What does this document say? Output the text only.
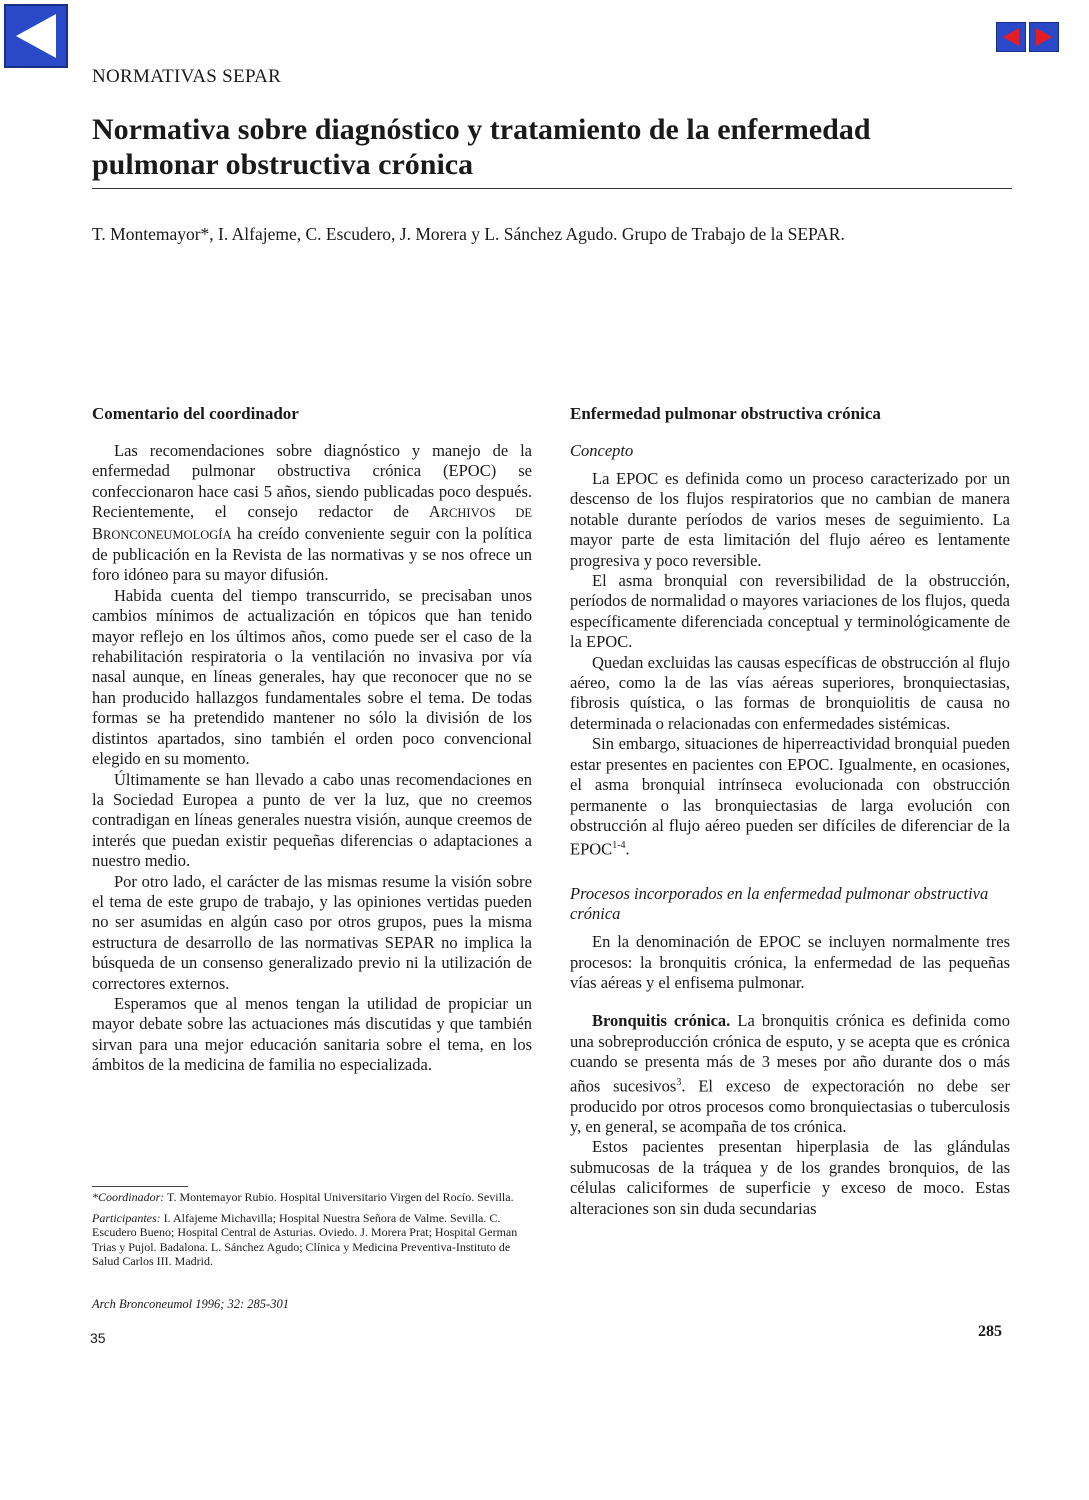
NORMATIVAS SEPAR

Normativa sobre diagnóstico y tratamiento de la enfermedad
pulmonar obstructiva crónica

T. Montemayor*, I. Alfajeme, C. Escudero, J. Morera y L. Sánchez Agudo. Grupo de Trabajo de la SEPAR.

Comentario del coordinador

Las recomendaciones sobre diagnóstico y manejo de la enfermedad pulmonar obstructiva crónica (EPOC) se confeccionaron hace casi 5 años, siendo publicadas poco después. Recientemente, el consejo redactor de ARCHIVOS DE BRONCONEUMOLOGÍA ha creído conveniente seguir con la política de publicación en la Revista de las normativas y se nos ofrece un foro idóneo para su mayor difusión.

Habida cuenta del tiempo transcurrido, se precisaban unos cambios mínimos de actualización en tópicos que han tenido mayor reflejo en los últimos años, como puede ser el caso de la rehabilitación respiratoria o la ventilación no invasiva por vía nasal aunque, en líneas generales, hay que reconocer que no se han producido hallazgos fundamentales sobre el tema. De todas formas se ha pretendido mantener no sólo la división de los distintos apartados, sino también el orden poco convencional elegido en su momento.

Últimamente se han llevado a cabo unas recomendaciones en la Sociedad Europea a punto de ver la luz, que no creemos contradigan en líneas generales nuestra visión, aunque creemos de interés que puedan existir pequeñas diferencias o adaptaciones a nuestro medio.

Por otro lado, el carácter de las mismas resume la visión sobre el tema de este grupo de trabajo, y las opiniones vertidas pueden no ser asumidas en algún caso por otros grupos, pues la misma estructura de desarrollo de las normativas SEPAR no implica la búsqueda de un consenso generalizado previo ni la utilización de correctores externos.

Esperamos que al menos tengan la utilidad de propiciar un mayor debate sobre las actuaciones más discutidas y que también sirvan para una mejor educación sanitaria sobre el tema, en los ámbitos de la medicina de familia no especializada.

Enfermedad pulmonar obstructiva crónica
Concepto

La EPOC es definida como un proceso caracterizado por un descenso de los flujos respiratorios que no cambian de manera notable durante períodos de varios meses de seguimiento. La mayor parte de esta limitación del flujo aéreo es lentamente progresiva y poco reversible.

El asma bronquial con reversibilidad de la obstrucción, períodos de normalidad o mayores variaciones de los flujos, queda específicamente diferenciada conceptual y terminológicamente de la EPOC.

Quedan excluidas las causas específicas de obstrucción al flujo aéreo, como la de las vías aéreas superiores, bronquiectasias, fibrosis quística, o las formas de bronquiolitis de causa no determinada o relacionadas con enfermedades sistémicas.

Sin embargo, situaciones de hiperreactividad bronquial pueden estar presentes en pacientes con EPOC. Igualmente, en ocasiones, el asma bronquial intrínseca evolucionada con obstrucción permanente o las bronquiectasias de larga evolución con obstrucción al flujo aéreo pueden ser difíciles de diferenciar de la EPOC$^{1-4}$.

Procesos incorporados en la enfermedad pulmonar obstructiva crónica

En la denominación de EPOC se incluyen normalmente tres procesos: la bronquitis crónica, la enfermedad de las pequeñas vías aéreas y el enfisema pulmonar.

Bronquitis crónica. La bronquitis crónica es definida como una sobreproducción crónica de esputo, y se acepta que es crónica cuando se presenta más de 3 meses por año durante dos o más años sucesivos$^3$. El exceso de expectoración no debe ser producido por otros procesos como bronquiectasias o tuberculosis y, en general, se acompaña de tos crónica.

Estos pacientes presentan hiperplasia de las glándulas submucosas de la tráquea y de los grandes bronquios, de las células caliciformes de superficie y exceso de moco. Estas alteraciones son sin duda secundarias

*Coordinador: T. Montemayor Rubio. Hospital Universitario Virgen del Rocío. Sevilla.

Participantes: I. Alfajeme Michavilla; Hospital Nuestra Señora de Valme. Sevilla. C. Escudero Bueno; Hospital Central de Asturias. Oviedo. J. Morera Prat; Hospital German Trias y Pujol. Badalona. L. Sánchez Agudo; Clínica y Medicina Preventiva-Instituto de Salud Carlos III. Madrid.

Arch Bronconeumol 1996; 32: 285-301

35	285
